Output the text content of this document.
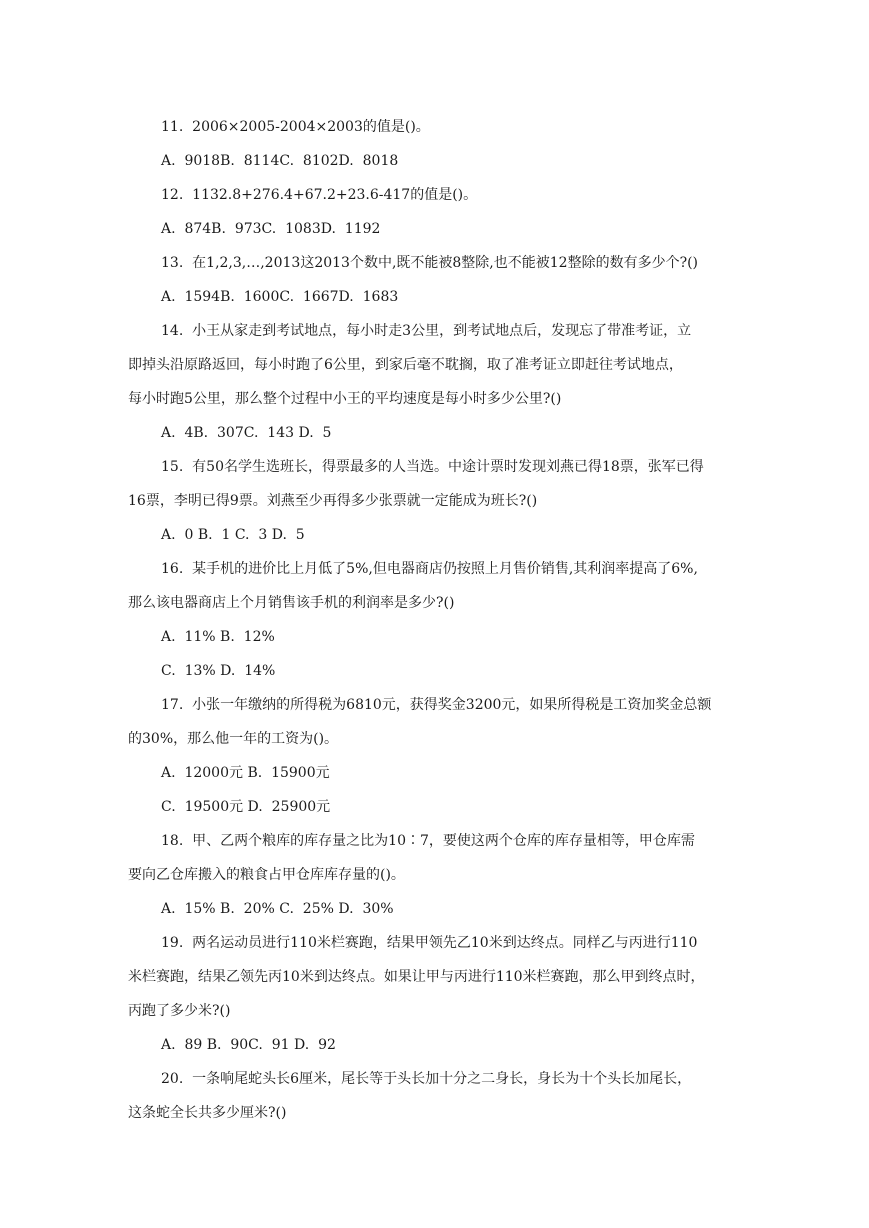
11.  2006×2005-2004×2003的值是()。

A.  9018B.  8114C.  8102D.  8018

12.  1132.8+276.4+67.2+23.6-417的值是()。

A.  874B.  973C.  1083D.  1192

13.  在1,2,3,…,2013这2013个数中,既不能被8整除,也不能被12整除的数有多少个?()

A.  1594B.  1600C.  1667D.  1683

14.  小王从家走到考试地点，每小时走3公里，到考试地点后，发现忘了带准考证，立

即掉头沿原路返回，每小时跑了6公里，到家后毫不耽搁，取了准考证立即赶往考试地点，

每小时跑5公里，那么整个过程中小王的平均速度是每小时多少公里?()

A.  4B.  307C.  143 D.  5

15.  有50名学生选班长，得票最多的人当选。中途计票时发现刘燕已得18票，张军已得

16票，李明已得9票。刘燕至少再得多少张票就一定能成为班长?()

A.  0 B.  1 C.  3 D.  5

16.  某手机的进价比上月低了5%,但电器商店仍按照上月售价销售,其利润率提高了6%,

那么该电器商店上个月销售该手机的利润率是多少?()

A.  11% B.  12%

C.  13% D.  14%

17.  小张一年缴纳的所得税为6810元，获得奖金3200元，如果所得税是工资加奖金总额

的30%，那么他一年的工资为()。

A.  12000元 B.  15900元

C.  19500元 D.  25900元

18.  甲、乙两个粮库的库存量之比为10∶7，要使这两个仓库的库存量相等，甲仓库需

要向乙仓库搬入的粮食占甲仓库库存量的()。

A.  15% B.  20% C.  25% D.  30%

19.  两名运动员进行110米栏赛跑，结果甲领先乙10米到达终点。同样乙与丙进行110

米栏赛跑，结果乙领先丙10米到达终点。如果让甲与丙进行110米栏赛跑，那么甲到终点时，

丙跑了多少米?()

A.  89 B.  90C.  91 D.  92

20.  一条响尾蛇头长6厘米，尾长等于头长加十分之二身长，身长为十个头长加尾长，

这条蛇全长共多少厘米?()
